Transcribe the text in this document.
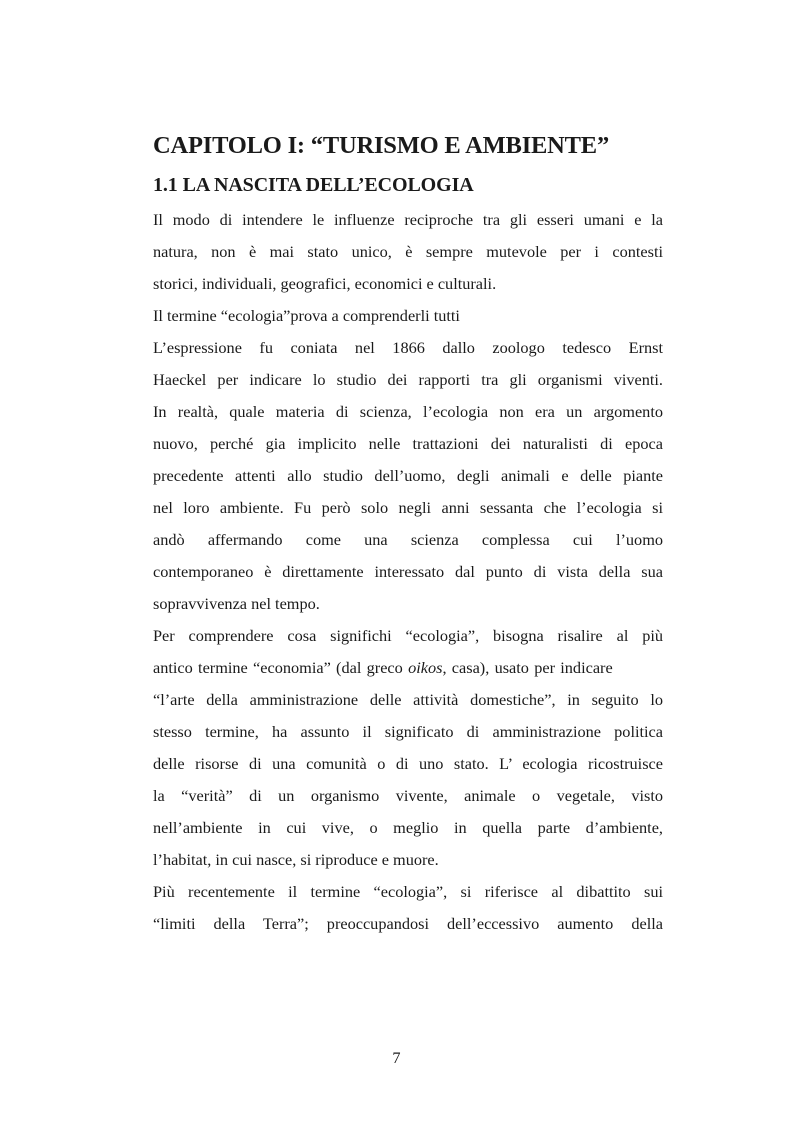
CAPITOLO I: “TURISMO E AMBIENTE”
1.1 LA NASCITA DELL’ECOLOGIA
Il modo di intendere le influenze reciproche tra gli esseri umani e la
natura, non è mai stato unico, è sempre mutevole per i contesti
storici, individuali, geografici, economici e culturali.
Il termine “ecologia”prova a comprenderli tutti
L’espressione fu coniata nel 1866 dallo zoologo tedesco Ernst
Haeckel per indicare lo studio dei rapporti tra gli organismi viventi.
In realtà, quale materia di scienza, l’ecologia non era un argomento
nuovo, perché gia implicito nelle trattazioni dei naturalisti di epoca
precedente attenti allo studio dell’uomo, degli animali e delle piante
nel loro ambiente. Fu però solo negli anni sessanta che l’ecologia si
andò affermando come una scienza complessa cui l’uomo
contemporaneo è direttamente interessato dal punto di vista della sua
sopravvivenza nel tempo.
Per comprendere cosa significhi “ecologia”, bisogna risalire al più
antico termine “economia” (dal greco oikos, casa), usato per indicare
“l’arte della amministrazione delle attività domestiche”, in seguito lo
stesso termine, ha assunto il significato di amministrazione politica
delle risorse di una comunità o di uno stato. L’ ecologia ricostruisce
la “verità” di un organismo vivente, animale o vegetale, visto
nell’ambiente in cui vive, o meglio in quella parte d’ambiente,
l’habitat, in cui nasce, si riproduce e muore.
Più recentemente il termine “ecologia”, si riferisce al dibattito sui
“limiti della Terra”; preoccupandosi dell’eccessivo aumento della
7
